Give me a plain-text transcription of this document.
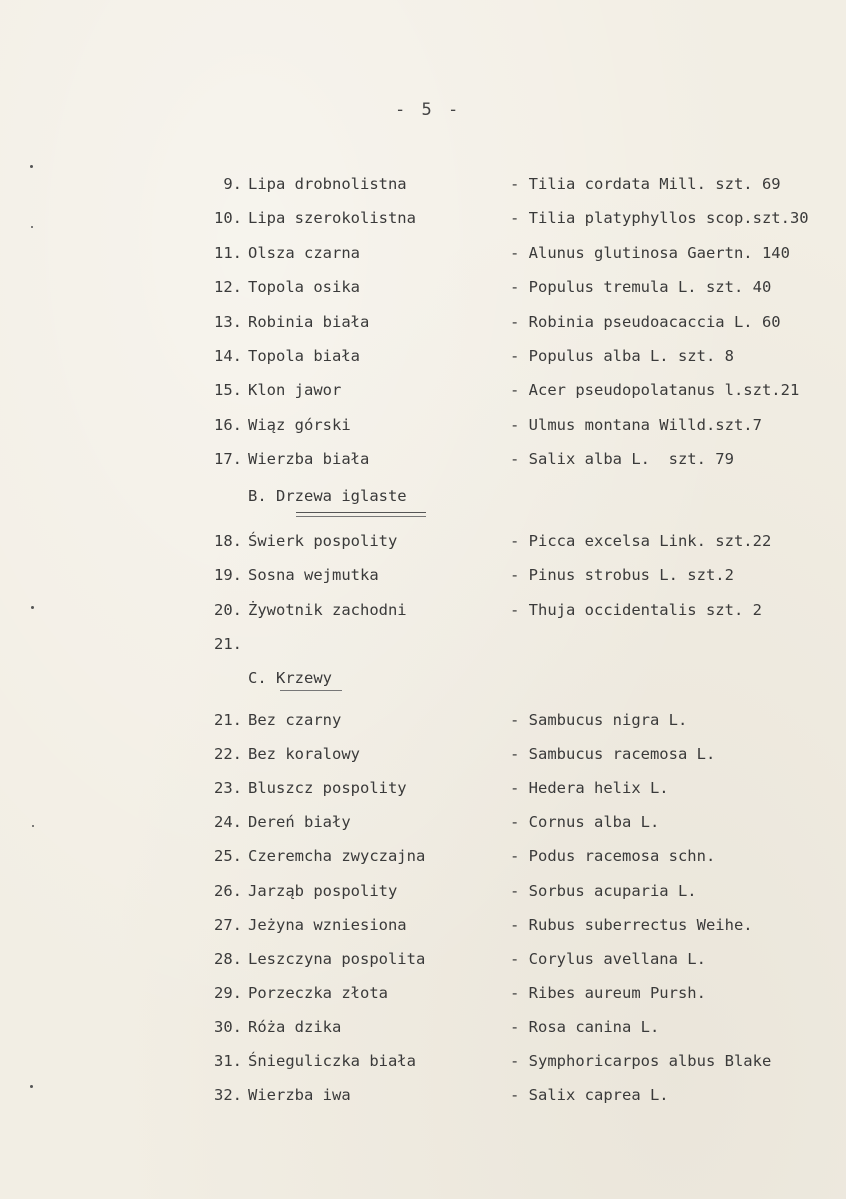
- 5 -
9. Lipa drobnolistna	- Tilia cordata Mill. szt. 69
10. Lipa szerokolistna	- Tilia platyphyllos scop.szt.30
11. Olsza czarna	- Alunus glutinosa Gaertn. 140
12. Topola osika	- Populus tremula L. szt. 40
13. Robinia biała	- Robinia pseudoacaccia L. 60
14. Topola biała	- Populus alba L. szt. 8
15. Klon jawor	- Acer pseudopolatanus l.szt.21
16. Wiąz górski	- Ulmus montana Willd.szt.7
17. Wierzba biała	- Salix alba L.  szt. 79
B. Drzewa iglaste
18. Świerk pospolity	- Picca excelsa Link. szt.22
19. Sosna wejmutka	- Pinus strobus L. szt.2
20. Żywotnik zachodni	- Thuja occidentalis szt. 2
21.
C. Krzewy
21. Bez czarny	- Sambucus nigra L.
22. Bez koralowy	- Sambucus racemosa L.
23. Bluszcz pospolity	- Hedera helix L.
24. Dereń biały	- Cornus alba L.
25. Czeremcha zwyczajna	- Podus racemosa schn.
26. Jarząb pospolity	- Sorbus acuparia L.
27. Jeżyna wzniesiona	- Rubus suberrectus Weihe.
28. Leszczyna pospolita	- Corylus avellana L.
29. Porzeczka złota	- Ribes aureum Pursh.
30. Róża dzika	- Rosa canina L.
31. Śnieguliczka biała	- Symphoricarpos albus Blake
32. Wierzba iwa	- Salix caprea L.
